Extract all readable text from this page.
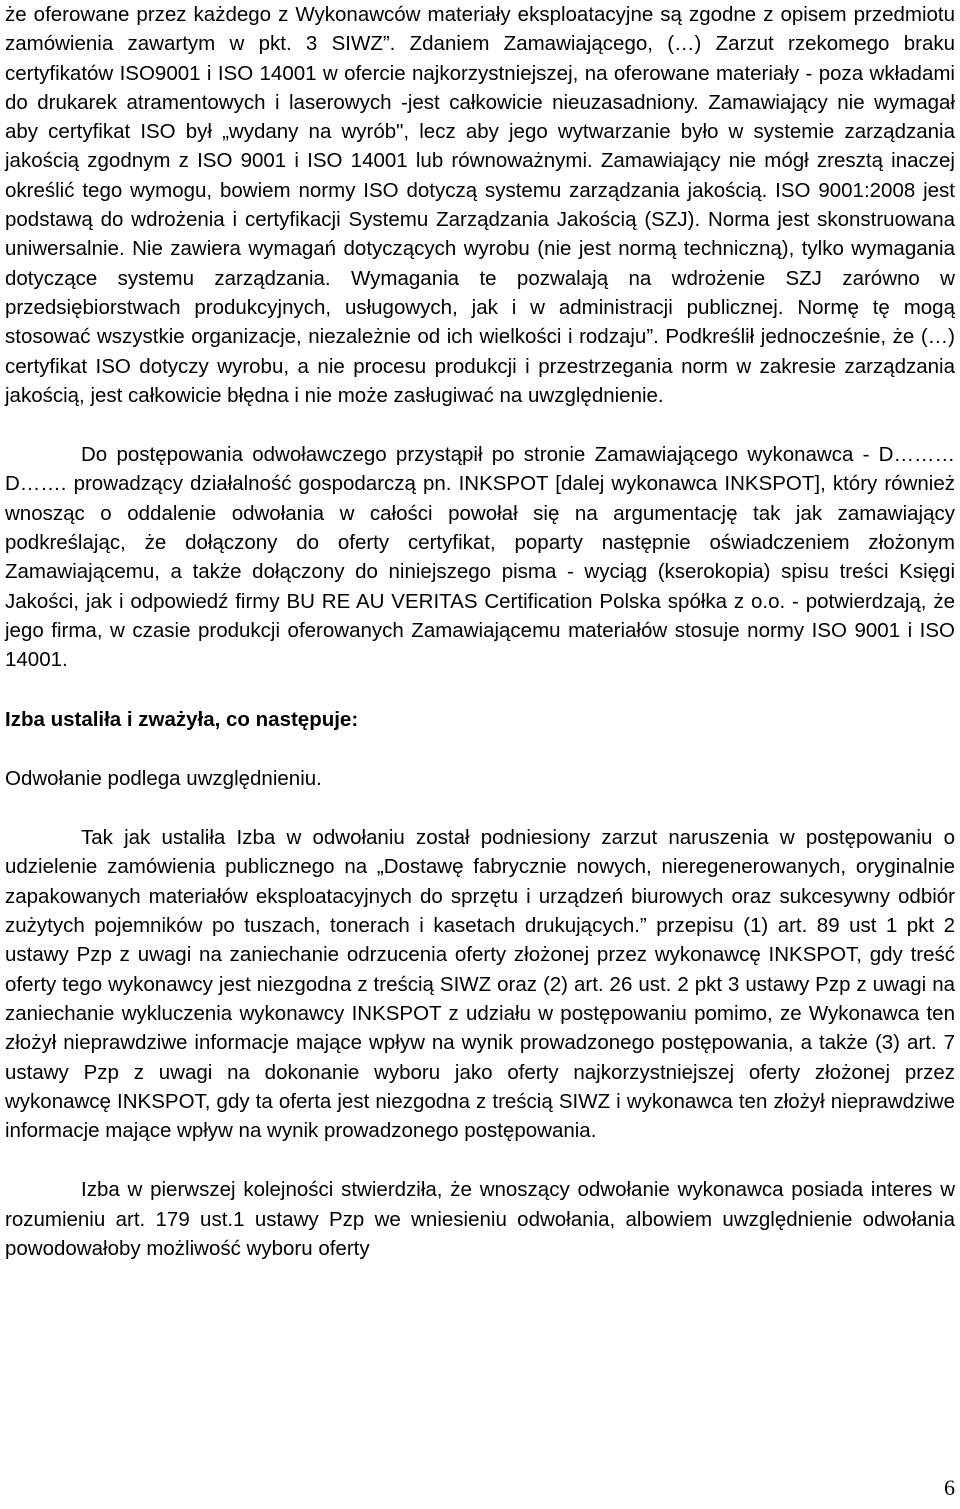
że oferowane przez każdego z Wykonawców materiały eksploatacyjne są zgodne z opisem przedmiotu zamówienia zawartym w pkt. 3 SIWZ”. Zdaniem Zamawiającego, (…) Zarzut rzekomego braku certyfikatów ISO9001 i ISO 14001 w ofercie najkorzystniejszej, na oferowane materiały - poza wkładami do drukarek atramentowych i laserowych -jest całkowicie nieuzasadniony. Zamawiający nie wymagał aby certyfikat ISO był „wydany na wyrób", lecz aby jego wytwarzanie było w systemie zarządzania jakością zgodnym z ISO 9001 i ISO 14001 lub równoważnymi. Zamawiający nie mógł zresztą inaczej określić tego wymogu, bowiem normy ISO dotyczą systemu zarządzania jakością. ISO 9001:2008 jest podstawą do wdrożenia i certyfikacji Systemu Zarządzania Jakością (SZJ). Norma jest skonstruowana uniwersalnie. Nie zawiera wymagań dotyczących wyrobu (nie jest normą techniczną), tylko wymagania dotyczące systemu zarządzania. Wymagania te pozwalają na wdrożenie SZJ zarówno w przedsiębiorstwach produkcyjnych, usługowych, jak i w administracji publicznej. Normę tę mogą stosować wszystkie organizacje, niezależnie od ich wielkości i rodzaju”. Podkreślił jednocześnie, że (…) certyfikat ISO dotyczy wyrobu, a nie procesu produkcji i przestrzegania norm w zakresie zarządzania jakością, jest całkowicie błędna i nie może zasługiwać na uwzględnienie.

Do postępowania odwoławczego przystąpił po stronie Zamawiającego wykonawca - D……… D……. prowadzący działalność gospodarczą pn. INKSPOT [dalej wykonawca INKSPOT], który również wnosząc o oddalenie odwołania w całości powołał się na argumentację tak jak zamawiający podkreślając, że dołączony do oferty certyfikat, poparty następnie oświadczeniem złożonym Zamawiającemu, a także dołączony do niniejszego pisma - wyciąg (kserokopia) spisu treści Księgi Jakości, jak i odpowiedź firmy BU RE AU VERITAS Certification Polska spółka z o.o. - potwierdzają, że jego firma, w czasie produkcji oferowanych Zamawiającemu materiałów stosuje normy ISO 9001 i ISO 14001.

Izba ustaliła i zważyła, co następuje:

Odwołanie podlega uwzględnieniu.

Tak jak ustaliła Izba w odwołaniu został podniesiony zarzut naruszenia w postępowaniu o udzielenie zamówienia publicznego na „Dostawę fabrycznie nowych, nieregenerowanych, oryginalnie zapakowanych materiałów eksploatacyjnych do sprzętu i urządzeń biurowych oraz sukcesywny odbiór zużytych pojemników po tuszach, tonerach i kasetach drukujących.” przepisu (1) art. 89 ust 1 pkt 2 ustawy Pzp z uwagi na zaniechanie odrzucenia oferty złożonej przez wykonawcę INKSPOT, gdy treść oferty tego wykonawcy jest niezgodna z treścią SIWZ oraz (2) art. 26 ust. 2 pkt 3 ustawy Pzp z uwagi na zaniechanie wykluczenia wykonawcy INKSPOT z udziału w postępowaniu pomimo, ze Wykonawca ten złożył nieprawdziwe informacje mające wpływ na wynik prowadzonego postępowania, a także (3) art. 7 ustawy Pzp z uwagi na dokonanie wyboru jako oferty najkorzystniejszej oferty złożonej przez wykonawcę INKSPOT, gdy ta oferta jest niezgodna z treścią SIWZ i wykonawca ten złożył nieprawdziwe informacje mające wpływ na wynik prowadzonego postępowania.

Izba w pierwszej kolejności stwierdziła, że wnoszący odwołanie wykonawca posiada interes w rozumieniu art. 179 ust.1 ustawy Pzp we wniesieniu odwołania, albowiem uwzględnienie odwołania powodowałoby możliwość wyboru oferty

6
